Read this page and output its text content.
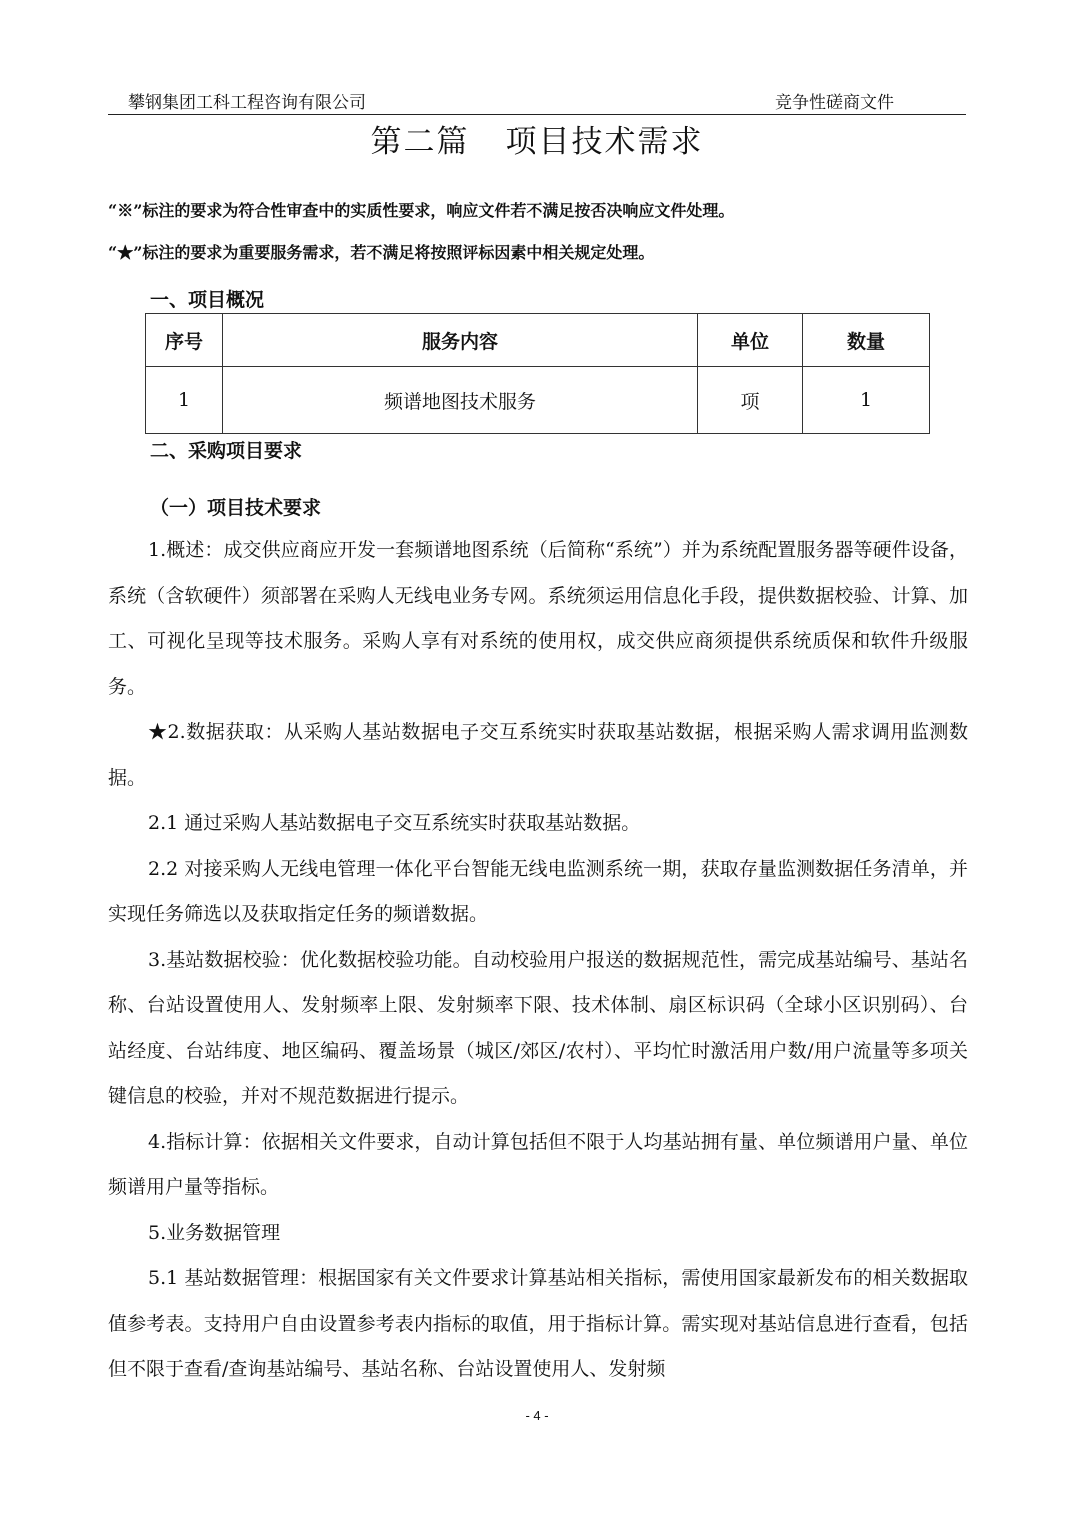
攀钢集团工科工程咨询有限公司	竞争性磋商文件
第二篇 项目技术需求
“※”标注的要求为符合性审查中的实质性要求，响应文件若不满足按否决响应文件处理。
“★”标注的要求为重要服务需求，若不满足将按照评标因素中相关规定处理。
一、项目概况
序号	服务内容	单位	数量
1	频谱地图技术服务	项	1
二、采购项目要求
（一）项目技术要求

1.概述：成交供应商应开发一套频谱地图系统（后简称“系统”）并为系统配置服务器等硬件设备，系统（含软硬件）须部署在采购人无线电业务专网。系统须运用信息化手段，提供数据校验、计算、加工、可视化呈现等技术服务。采购人享有对系统的使用权，成交供应商须提供系统质保和软件升级服务。

★2.数据获取：从采购人基站数据电子交互系统实时获取基站数据，根据采购人需求调用监测数据。

2.1 通过采购人基站数据电子交互系统实时获取基站数据。

2.2 对接采购人无线电管理一体化平台智能无线电监测系统一期，获取存量监测数据任务清单，并实现任务筛选以及获取指定任务的频谱数据。

3.基站数据校验：优化数据校验功能。自动校验用户报送的数据规范性，需完成基站编号、基站名称、台站设置使用人、发射频率上限、发射频率下限、技术体制、扇区标识码（全球小区识别码）、台站经度、台站纬度、地区编码、覆盖场景（城区/郊区/农村）、平均忙时激活用户数/用户流量等多项关键信息的校验，并对不规范数据进行提示。

4.指标计算：依据相关文件要求，自动计算包括但不限于人均基站拥有量、单位频谱用户量、单位频谱用户量等指标。

5.业务数据管理

5.1 基站数据管理：根据国家有关文件要求计算基站相关指标，需使用国家最新发布的相关数据取值参考表。支持用户自由设置参考表内指标的取值，用于指标计算。需实现对基站信息进行查看，包括但不限于查看/查询基站编号、基站名称、台站设置使用人、发射频

- 4 -
